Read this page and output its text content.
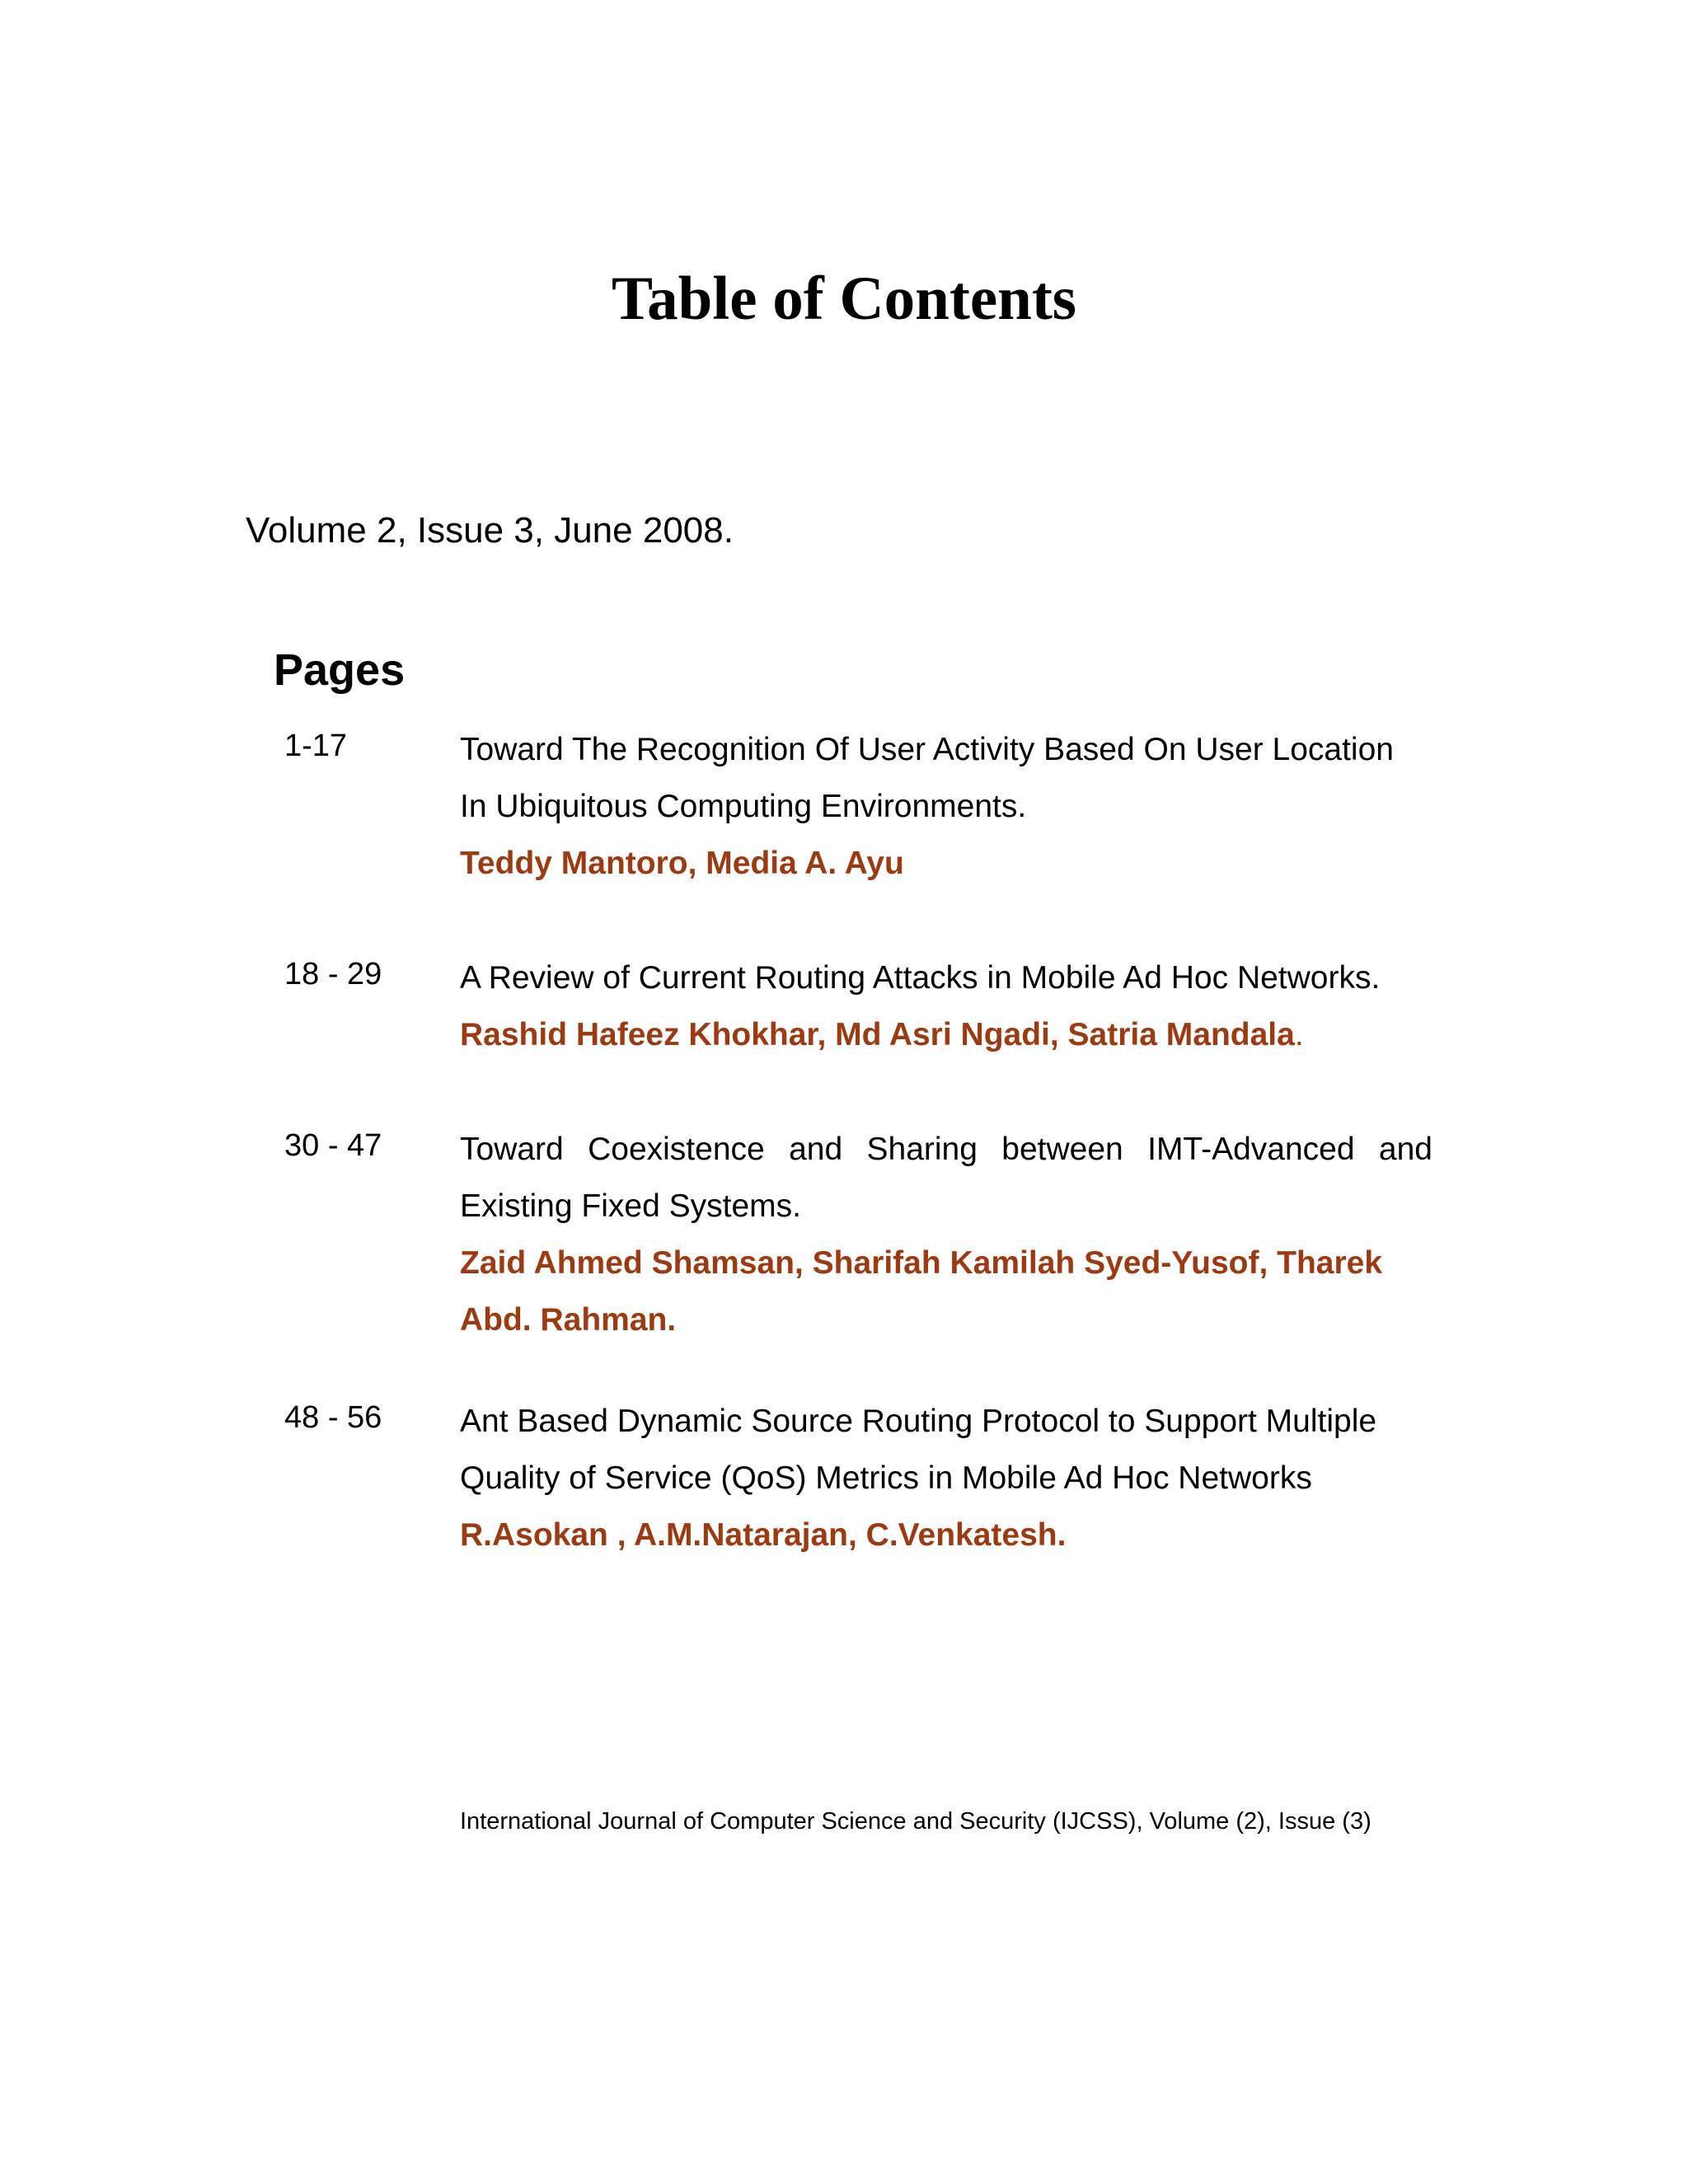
Table of Contents
Volume 2, Issue 3, June 2008.
Pages
1-17	Toward The Recognition Of User Activity Based On User Location
In Ubiquitous Computing Environments.

Teddy Mantoro, Media A. Ayu

18 - 29 A Review of Current Routing Attacks in Mobile Ad Hoc Networks.

Rashid Hafeez Khokhar, Md Asri Ngadi, Satria Mandala.

30 - 47 Toward Coexistence and Sharing between IMT-Advanced and Existing Fixed Systems.

Zaid Ahmed Shamsan, Sharifah Kamilah Syed-Yusof, Tharek Abd. Rahman.

48 - 56 Ant Based Dynamic Source Routing Protocol to Support Multiple
Quality of Service (QoS) Metrics in Mobile Ad Hoc Networks

R.Asokan , A.M.Natarajan, C.Venkatesh.

International Journal of Computer Science and Security (IJCSS), Volume (2), Issue (3)
